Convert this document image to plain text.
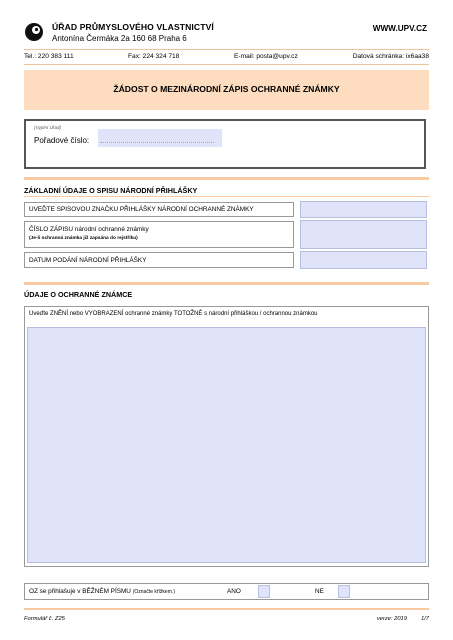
ÚŘAD PRŮMYSLOVÉHO VLASTNICTVÍ
Antonína Čermáka 2a 160 68 Praha 6
WWW.UPV.CZ
Tel.: 220 383 111	Fax: 224 324 718	E-mail: posta@upv.cz	Datová schránka: ix6aa38
ŽÁDOST O MEZINÁRODNÍ ZÁPIS OCHRANNÉ ZNÁMKY
(Vyplní Úřad)
Pořadové číslo:
ZÁKLADNÍ ÚDAJE O SPISU NÁRODNÍ PŘIHLÁŠKY
UVEĎTE SPISOVOU ZNAČKU PŘIHLÁŠKY NÁRODNÍ OCHRANNÉ ZNÁMKY
ČÍSLO ZÁPISU národní ochranné známky
(Je-li ochranná známka již zapsána do rejstříku)
DATUM PODÁNÍ NÁRODNÍ PŘIHLÁŠKY
ÚDAJE O OCHRANNÉ ZNÁMCE
Uveďte ZNĚNÍ nebo VYOBRAZENÍ ochranné známky TOTOŽNÉ s národní přihláškou / ochrannou známkou
OZ se přihlašuje v BĚŽNÉM PÍSMU (Označte křížkem.)	ANO	NE
Formulář č. Z25	verze: 2019 1/7
